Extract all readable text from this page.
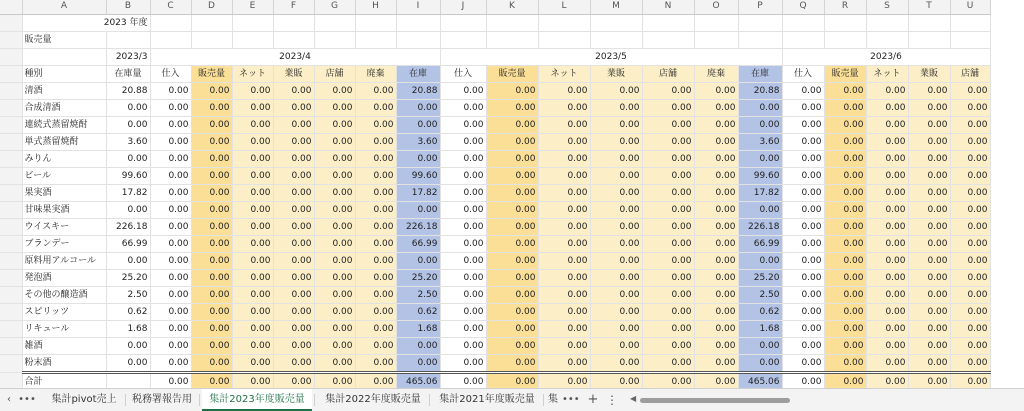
	A	B	C	D	E	F	G	H	I	J	K	L	M	N	O	P	Q	R	S	T	U	
	2023 年度																					
	販売量																					
		2023/3	2023/4							2023/5							2023/6					
	種別	在庫量	仕入	販売量	ネット	業販	店舗	廃棄	在庫	仕入	販売量	ネット	業販	店舗	廃棄	在庫	仕入	販売量	ネット	業販	店舗	
	清酒	20.88	0.00	0.00	0.00	0.00	0.00	0.00	20.88	0.00	0.00	0.00	0.00	0.00	0.00	20.88	0.00	0.00	0.00	0.00	0.00	
	合成清酒	0.00	0.00	0.00	0.00	0.00	0.00	0.00	0.00	0.00	0.00	0.00	0.00	0.00	0.00	0.00	0.00	0.00	0.00	0.00	0.00	
	連続式蒸留焼酎	0.00	0.00	0.00	0.00	0.00	0.00	0.00	0.00	0.00	0.00	0.00	0.00	0.00	0.00	0.00	0.00	0.00	0.00	0.00	0.00	
	単式蒸留焼酎	3.60	0.00	0.00	0.00	0.00	0.00	0.00	3.60	0.00	0.00	0.00	0.00	0.00	0.00	3.60	0.00	0.00	0.00	0.00	0.00	
	みりん	0.00	0.00	0.00	0.00	0.00	0.00	0.00	0.00	0.00	0.00	0.00	0.00	0.00	0.00	0.00	0.00	0.00	0.00	0.00	0.00	
	ビール	99.60	0.00	0.00	0.00	0.00	0.00	0.00	99.60	0.00	0.00	0.00	0.00	0.00	0.00	99.60	0.00	0.00	0.00	0.00	0.00	
	果実酒	17.82	0.00	0.00	0.00	0.00	0.00	0.00	17.82	0.00	0.00	0.00	0.00	0.00	0.00	17.82	0.00	0.00	0.00	0.00	0.00	
	甘味果実酒	0.00	0.00	0.00	0.00	0.00	0.00	0.00	0.00	0.00	0.00	0.00	0.00	0.00	0.00	0.00	0.00	0.00	0.00	0.00	0.00	
	ウイスキー	226.18	0.00	0.00	0.00	0.00	0.00	0.00	226.18	0.00	0.00	0.00	0.00	0.00	0.00	226.18	0.00	0.00	0.00	0.00	0.00	
	ブランデー	66.99	0.00	0.00	0.00	0.00	0.00	0.00	66.99	0.00	0.00	0.00	0.00	0.00	0.00	66.99	0.00	0.00	0.00	0.00	0.00	
	原料用アルコール	0.00	0.00	0.00	0.00	0.00	0.00	0.00	0.00	0.00	0.00	0.00	0.00	0.00	0.00	0.00	0.00	0.00	0.00	0.00	0.00	
	発泡酒	25.20	0.00	0.00	0.00	0.00	0.00	0.00	25.20	0.00	0.00	0.00	0.00	0.00	0.00	25.20	0.00	0.00	0.00	0.00	0.00	
	その他の醸造酒	2.50	0.00	0.00	0.00	0.00	0.00	0.00	2.50	0.00	0.00	0.00	0.00	0.00	0.00	2.50	0.00	0.00	0.00	0.00	0.00	
	スピリッツ	0.62	0.00	0.00	0.00	0.00	0.00	0.00	0.62	0.00	0.00	0.00	0.00	0.00	0.00	0.62	0.00	0.00	0.00	0.00	0.00	
	リキュール	1.68	0.00	0.00	0.00	0.00	0.00	0.00	1.68	0.00	0.00	0.00	0.00	0.00	0.00	1.68	0.00	0.00	0.00	0.00	0.00	
	雑酒	0.00	0.00	0.00	0.00	0.00	0.00	0.00	0.00	0.00	0.00	0.00	0.00	0.00	0.00	0.00	0.00	0.00	0.00	0.00	0.00	
	粉末酒	0.00	0.00	0.00	0.00	0.00	0.00	0.00	0.00	0.00	0.00	0.00	0.00	0.00	0.00	0.00	0.00	0.00	0.00	0.00	0.00	
	合計		0.00	0.00	0.00	0.00	0.00	0.00	465.06	0.00	0.00	0.00	0.00	0.00	0.00	465.06	0.00	0.00	0.00	0.00	0.00	

‹ •••	集計pivot売上	税務署報告用	集計2023年度販売量	集計2022年度販売量	集計2021年度販売量	集 ••• + ⋮ ◀
